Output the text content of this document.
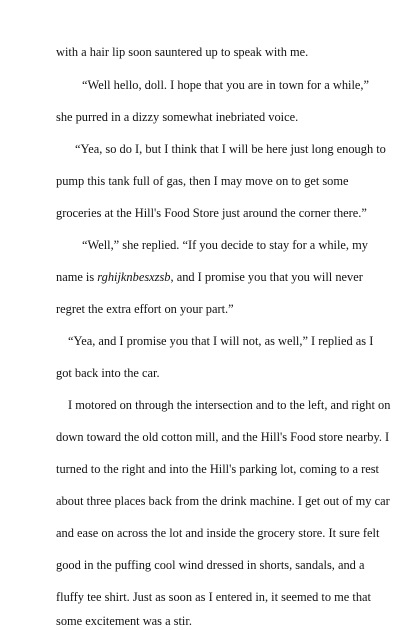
with a hair lip soon sauntered up to speak with me.
“Well hello, doll. I hope that you are in town for a while,”
she purred in a dizzy somewhat inebriated voice.
“Yea, so do I, but I think that I will be here just long enough to
pump this tank full of gas, then I may move on to get some
groceries at the Hill's Food Store just around the corner there.”
“Well,” she replied. “If you decide to stay for a while, my
name is rghijknbesxzsb, and I promise you that you will never
regret the extra effort on your part.”
“Yea, and I promise you that I will not, as well,” I replied as I
got back into the car.
I motored on through the intersection and to the left, and right on
down toward the old cotton mill, and the Hill's Food store nearby. I
turned to the right and into the Hill's parking lot, coming to a rest
about three places back from the drink machine. I get out of my car
and ease on across the lot and inside the grocery store. It sure felt
good in the puffing cool wind dressed in shorts, sandals, and a
fluffy tee shirt. Just as soon as I entered in, it seemed to me that
some excitement was a stir.
